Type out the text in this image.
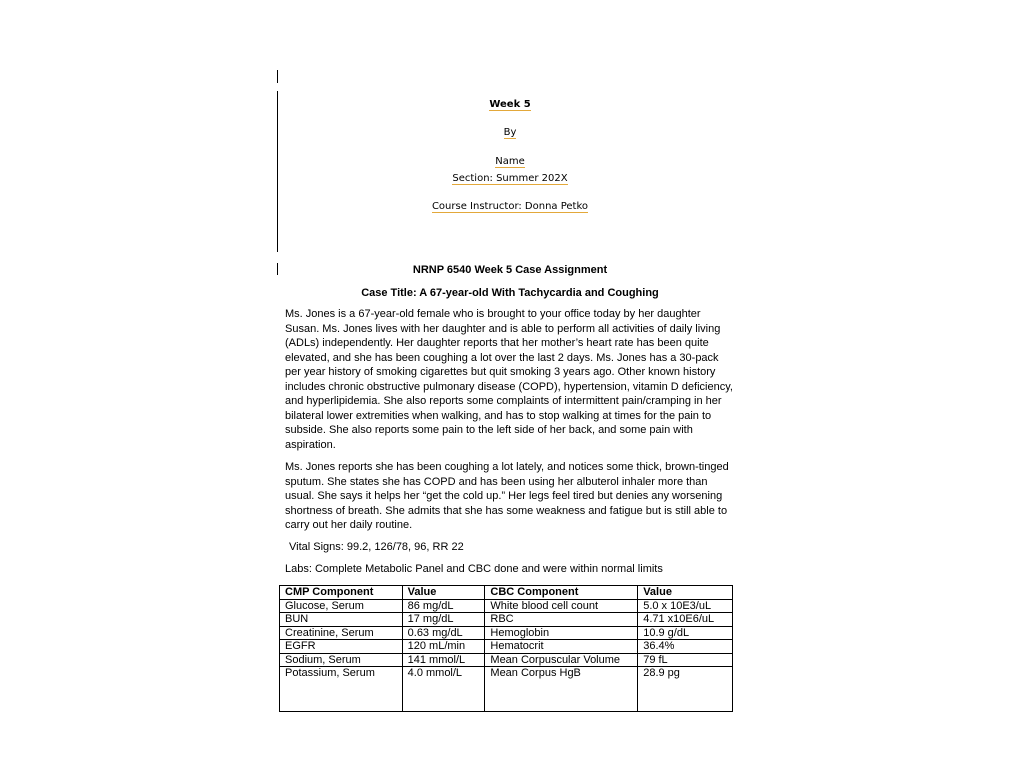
Week 5
By
Name
Section: Summer 202X
Course Instructor: Donna Petko
NRNP 6540 Week 5 Case Assignment
Case Title: A 67-year-old With Tachycardia and Coughing

Ms. Jones is a 67-year-old female who is brought to your office today by her daughter Susan. Ms. Jones lives with her daughter and is able to perform all activities of daily living (ADLs) independently. Her daughter reports that her mother’s heart rate has been quite elevated, and she has been coughing a lot over the last 2 days. Ms. Jones has a 30-pack per year history of smoking cigarettes but quit smoking 3 years ago. Other known history includes chronic obstructive pulmonary disease (COPD), hypertension, vitamin D deficiency, and hyperlipidemia. She also reports some complaints of intermittent pain/cramping in her bilateral lower extremities when walking, and has to stop walking at times for the pain to subside. She also reports some pain to the left side of her back, and some pain with aspiration.

Ms. Jones reports she has been coughing a lot lately, and notices some thick, brown-tinged sputum. She states she has COPD and has been using her albuterol inhaler more than usual. She says it helps her “get the cold up.” Her legs feel tired but denies any worsening shortness of breath. She admits that she has some weakness and fatigue but is still able to carry out her daily routine.

Vital Signs: 99.2, 126/78, 96, RR 22
Labs: Complete Metabolic Panel and CBC done and were within normal limits
CMP Component	Value	CBC Component	Value
Glucose, Serum	86 mg/dL	White blood cell count	5.0 x 10E3/uL
BUN	17 mg/dL	RBC	4.71 x10E6/uL
Creatinine, Serum	0.63 mg/dL	Hemoglobin	10.9 g/dL
EGFR	120 mL/min	Hematocrit	36.4%
Sodium, Serum	141 mmol/L	Mean Corpuscular Volume	79 fL
Potassium, Serum	4.0 mmol/L	Mean Corpus HgB	28.9 pg
